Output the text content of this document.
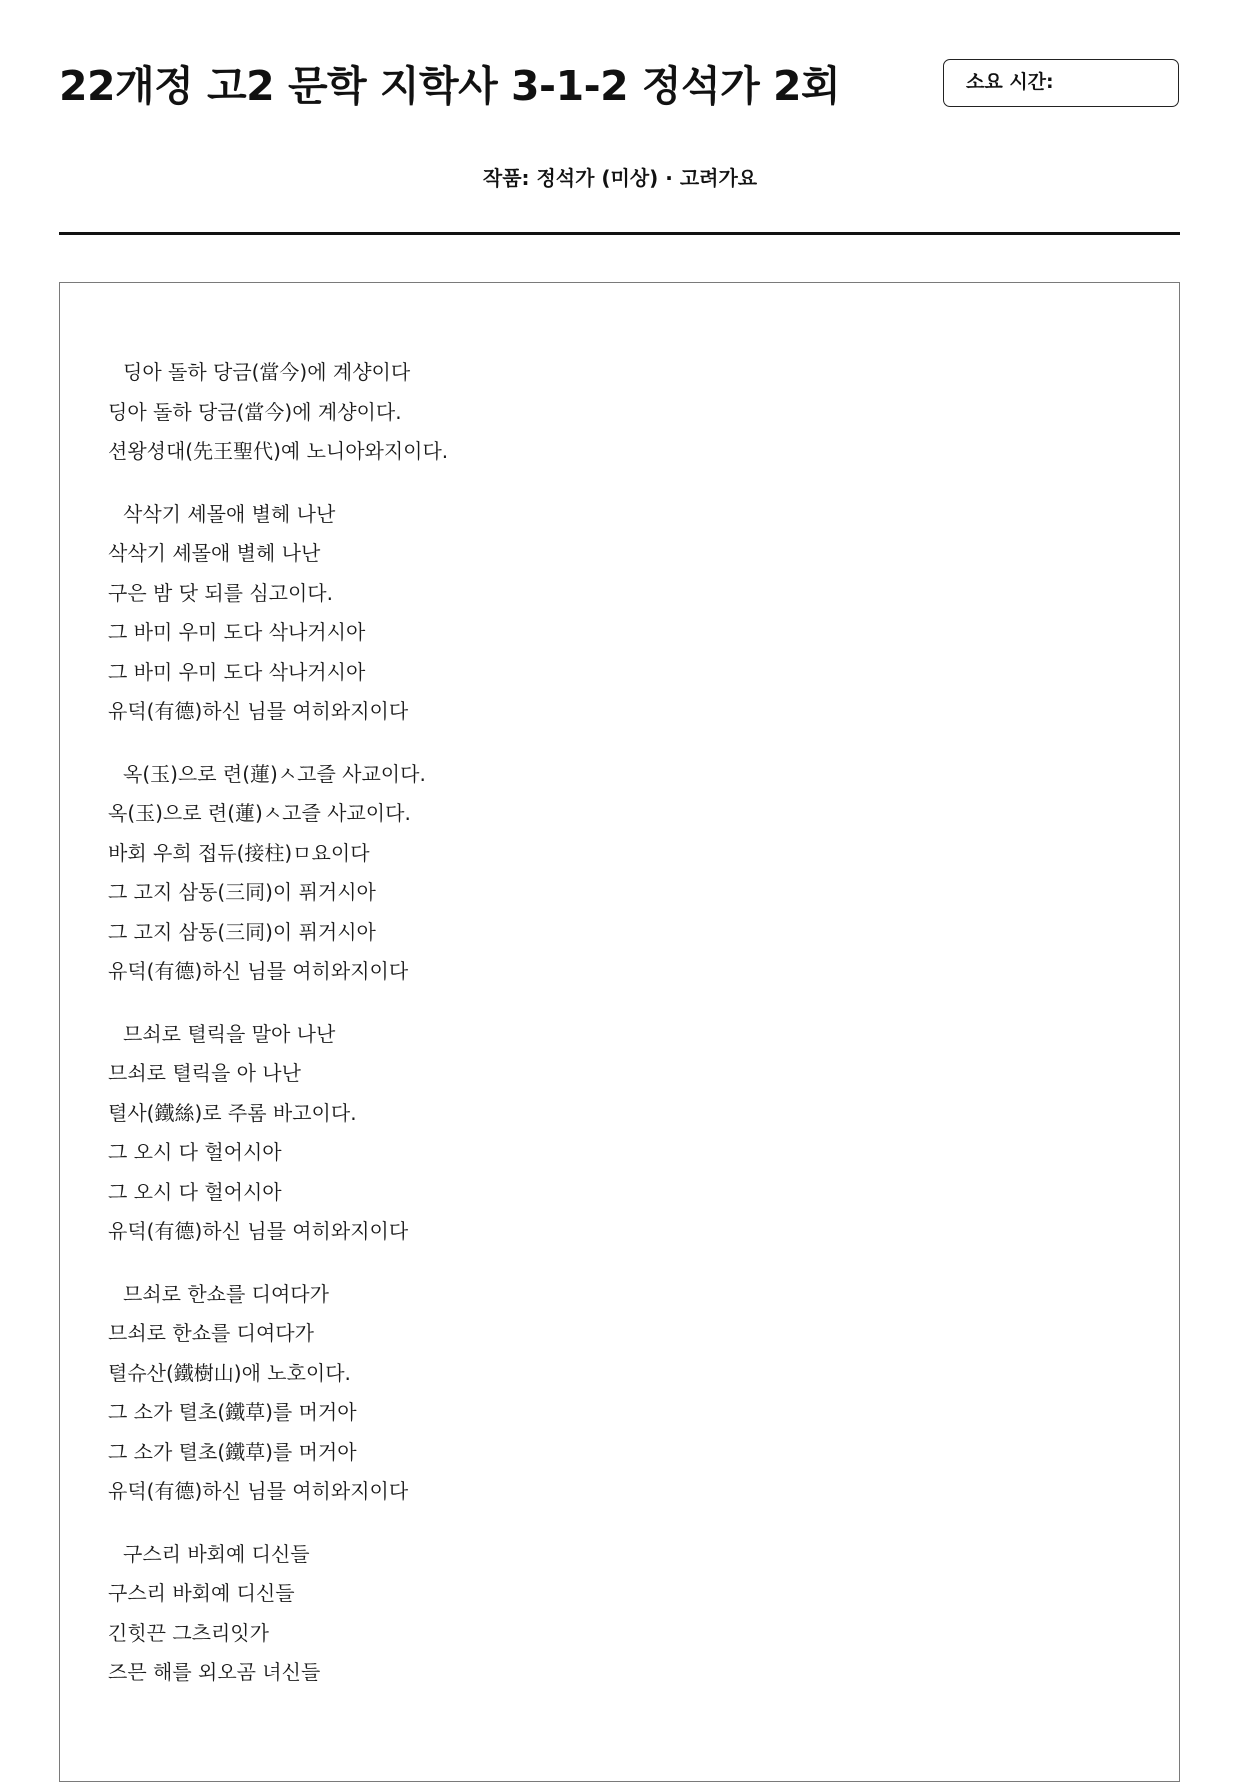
22개정 고2 문학 지학사 3-1-2 정석가 2회	소요 시간:
작품: 정석가 (미상) · 고려가요
딩아 돌하 당금(當今)에 계샹이다
딩아 돌하 당금(當今)에 계샹이다.
션왕셩대(先王聖代)예 노니아와지이다.
삭삭기 셰몰애 별헤 나난
삭삭기 셰몰애 별헤 나난
구은 밤 닷 되를 심고이다.
그 바미 우미 도다 삭나거시아
그 바미 우미 도다 삭나거시아
유덕(有德)하신 님믈 여히와지이다
옥(玉)으로 련(蓮)ㅅ고즐 사교이다.
옥(玉)으로 련(蓮)ㅅ고즐 사교이다.
바회 우희 접듀(接柱)ㅁ요이다
그 고지 삼동(三同)이 퓌거시아
그 고지 삼동(三同)이 퓌거시아
유덕(有德)하신 님믈 여히와지이다
므쇠로 텰릭을 말아 나난
므쇠로 텰릭을 아 나난
텰사(鐵絲)로 주롬 바고이다.
그 오시 다 헐어시아
그 오시 다 헐어시아
유덕(有德)하신 님믈 여히와지이다
므쇠로 한쇼를 디여다가
므쇠로 한쇼를 디여다가
텰슈산(鐵樹山)애 노호이다.
그 소가 텰초(鐵草)를 머거아
그 소가 텰초(鐵草)를 머거아
유덕(有德)하신 님믈 여히와지이다
구스리 바회예 디신들
구스리 바회예 디신들
긴힛끈 그츠리잇가
즈믄 해를 외오곰 녀신들
